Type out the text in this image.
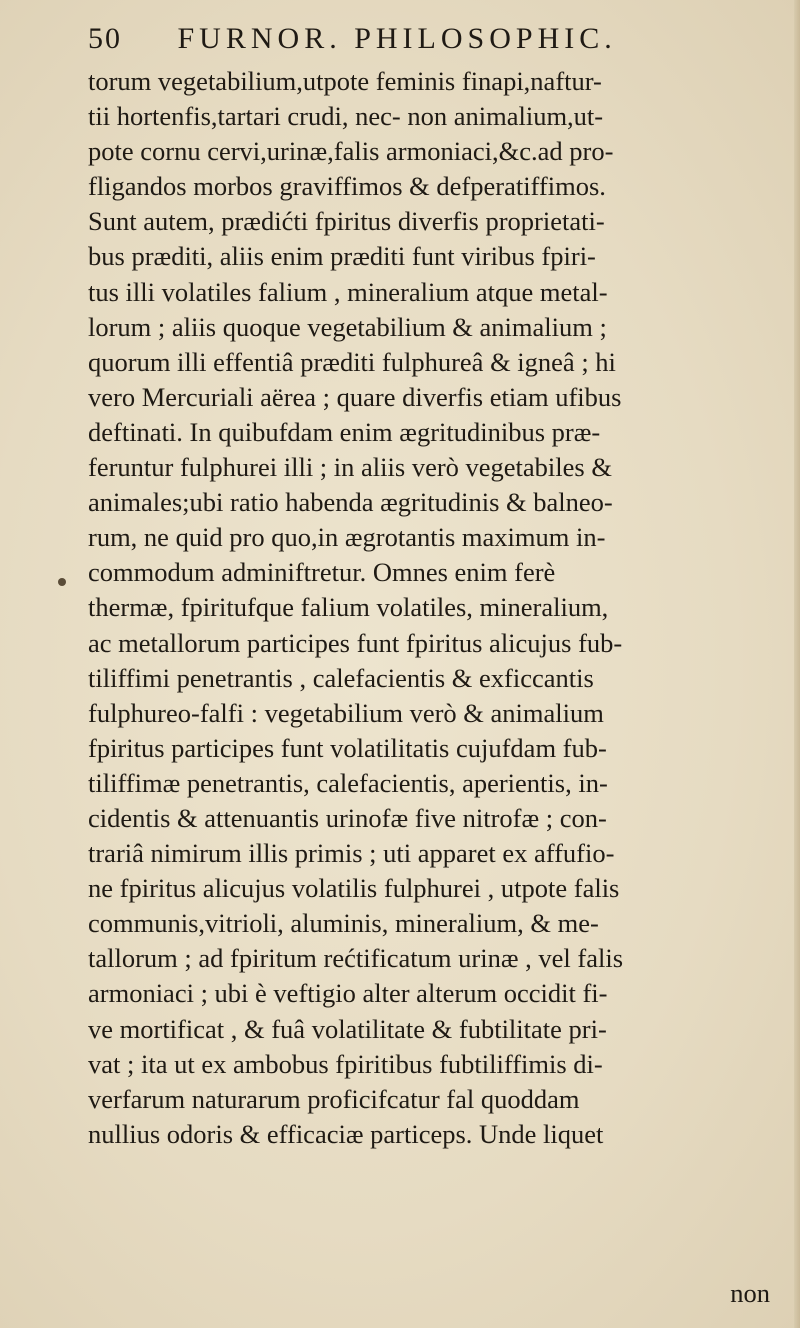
50 FURNOR. PHILOSOPHIC.
torum vegetabilium,utpote feminis finapi,naftur-
tii hortenfis,tartari crudi, nec- non animalium,ut-
pote cornu cervi,urinæ,falis armoniaci,&c.ad pro-
fligandos morbos graviffimos & defperatiffimos.
Sunt autem, prædićti fpiritus diverfis proprietati-
bus præditi, aliis enim præditi funt viribus fpiri-
tus illi volatiles falium , mineralium atque metal-
lorum ; aliis quoque vegetabilium & animalium ;
quorum illi effentiâ præditi fulphureâ & igneâ ; hi
vero Mercuriali aërea ; quare diverfis etiam ufibus
deftinati. In quibufdam enim ægritudinibus præ-
feruntur fulphurei illi ; in aliis verò vegetabiles &
animales;ubi ratio habenda ægritudinis & balneo-
rum, ne quid pro quo,in ægrotantis maximum in-
commodum adminiftretur. Omnes enim ferè
thermæ, fpiritufque falium volatiles, mineralium,
ac metallorum participes funt fpiritus alicujus fub-
tiliffimi penetrantis , calefacientis & exficcantis
fulphureo-falfi : vegetabilium verò & animalium
fpiritus participes funt volatilitatis cujufdam fub-
tiliffimæ penetrantis, calefacientis, aperientis, in-
cidentis & attenuantis urinofæ five nitrofæ ; con-
trariâ nimirum illis primis ; uti apparet ex affufio-
ne fpiritus alicujus volatilis fulphurei , utpote falis
communis,vitrioli, aluminis, mineralium, & me-
tallorum ; ad fpiritum rećtificatum urinæ , vel falis
armoniaci ; ubi è veftigio alter alterum occidit fi-
ve mortificat , & fuâ volatilitate & fubtilitate pri-
vat ; ita ut ex ambobus fpiritibus fubtiliffimis di-
verfarum naturarum proficifcatur fal quoddam
nullius odoris & efficaciæ particeps. Unde liquet
non
